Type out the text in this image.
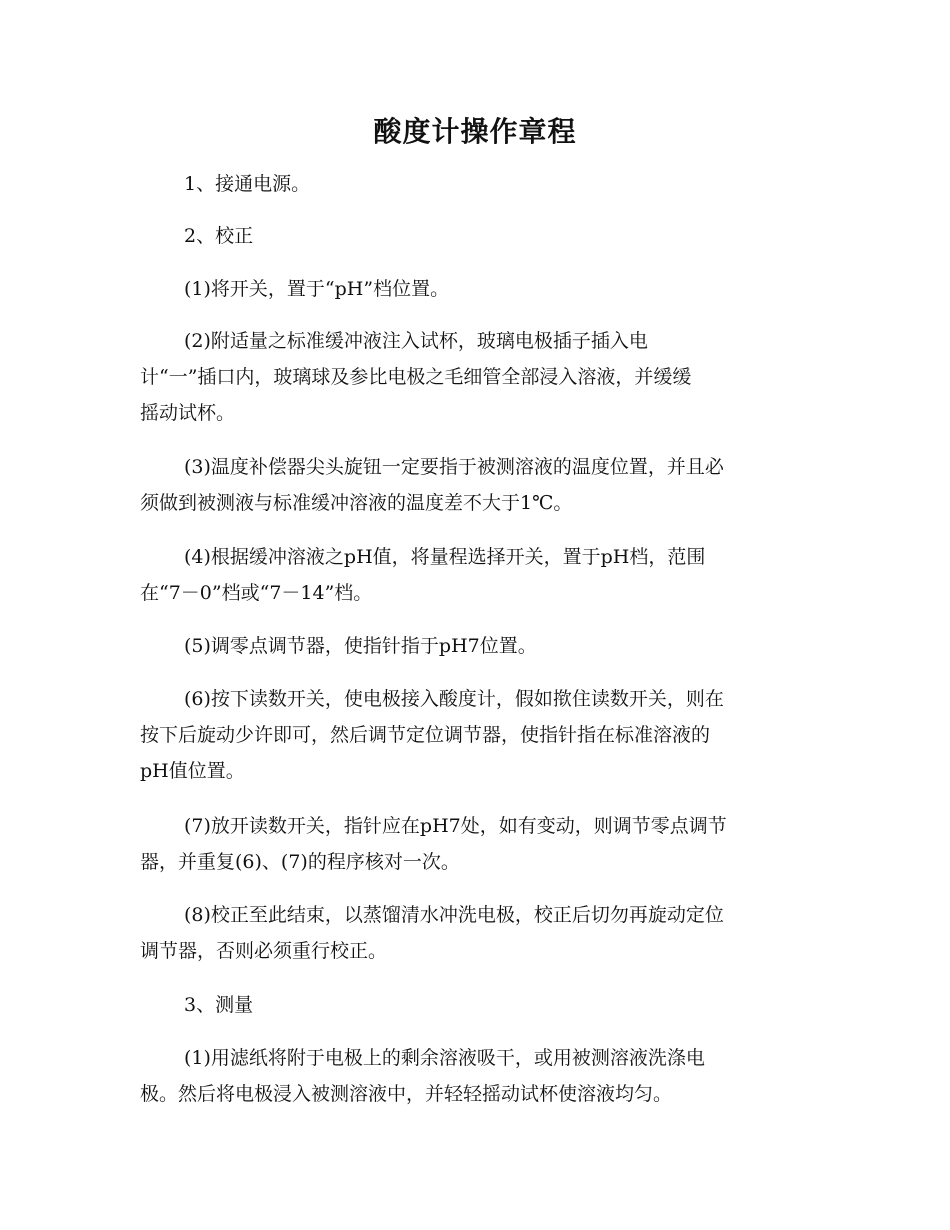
酸度计操作章程
1、接通电源。
2、校正
(1)将开关，置于“pH”档位置。
(2)附适量之标准缓冲液注入试杯，玻璃电极插子插入电
计“一”插口内，玻璃球及参比电极之毛细管全部浸入溶液，并缓缓
摇动试杯。
(3)温度补偿器尖头旋钮一定要指于被测溶液的温度位置，并且必
须做到被测液与标准缓冲溶液的温度差不大于1℃。
(4)根据缓冲溶液之pH值，将量程选择开关，置于pH档，范围
在“7－0”档或“7－14”档。
(5)调零点调节器，使指针指于pH7位置。
(6)按下读数开关，使电极接入酸度计，假如揿住读数开关，则在
按下后旋动少许即可，然后调节定位调节器，使指针指在标准溶液的
pH值位置。
(7)放开读数开关，指针应在pH7处，如有变动，则调节零点调节
器，并重复(6)、(7)的程序核对一次。
(8)校正至此结束，以蒸馏清水冲洗电极，校正后切勿再旋动定位
调节器，否则必须重行校正。
3、测量
(1)用滤纸将附于电极上的剩余溶液吸干，或用被测溶液洗涤电
极。然后将电极浸入被测溶液中，并轻轻摇动试杯使溶液均匀。
